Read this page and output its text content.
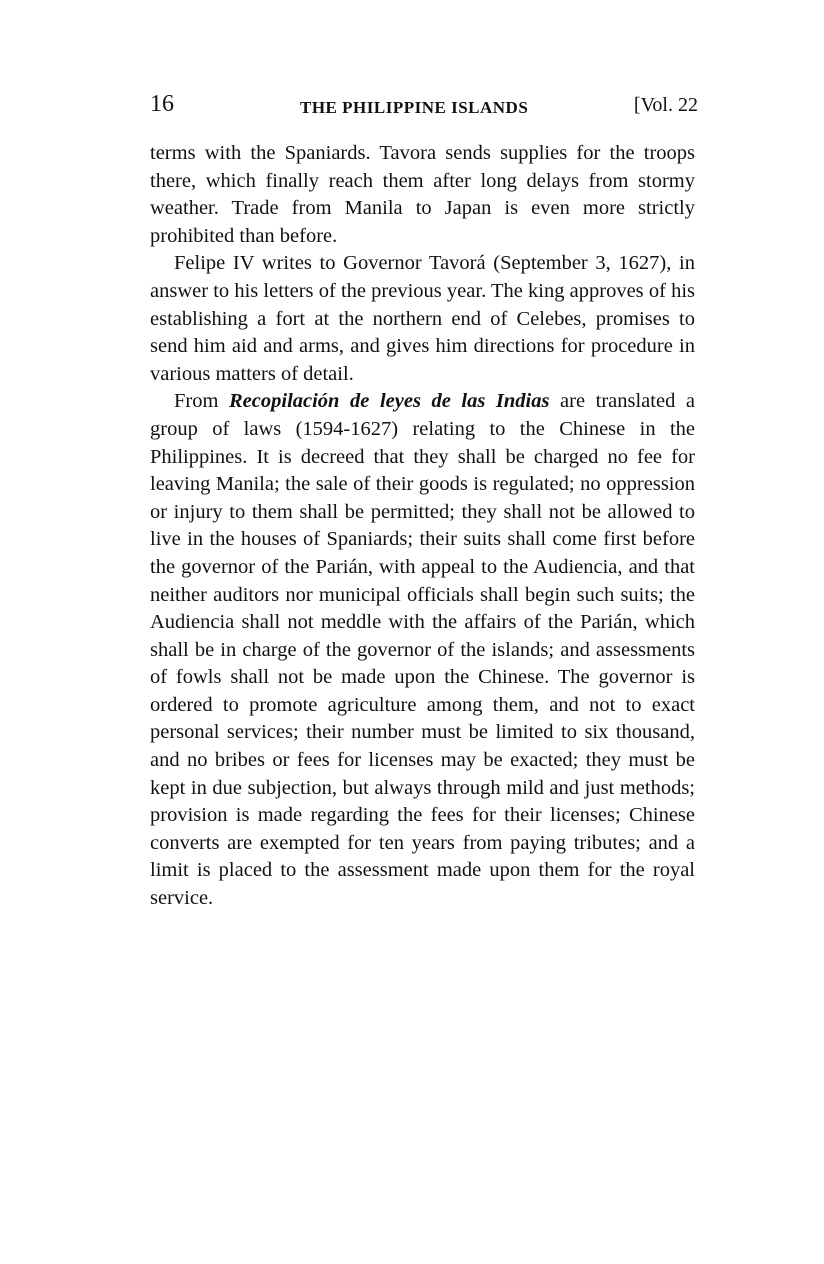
16	THE PHILIPPINE ISLANDS	[Vol. 22

terms with the Spaniards. Tavora sends supplies for the troops there, which finally reach them after long delays from stormy weather. Trade from Manila to Japan is even more strictly prohibited than before.

Felipe IV writes to Governor Tavorá (September 3, 1627), in answer to his letters of the previous year. The king approves of his establishing a fort at the northern end of Celebes, promises to send him aid and arms, and gives him directions for procedure in various matters of detail.

From Recopilación de leyes de las Indias are translated a group of laws (1594-1627) relating to the Chinese in the Philippines. It is decreed that they shall be charged no fee for leaving Manila; the sale of their goods is regulated; no oppression or injury to them shall be permitted; they shall not be allowed to live in the houses of Spaniards; their suits shall come first before the governor of the Parián, with appeal to the Audiencia, and that neither auditors nor municipal officials shall begin such suits; the Audiencia shall not meddle with the affairs of the Parián, which shall be in charge of the governor of the islands; and assessments of fowls shall not be made upon the Chinese. The governor is ordered to promote agriculture among them, and not to exact personal services; their number must be limited to six thousand, and no bribes or fees for licenses may be exacted; they must be kept in due subjection, but always through mild and just methods; provision is made regarding the fees for their licenses; Chinese converts are exempted for ten years from paying tributes; and a limit is placed to the assessment made upon them for the royal service.
